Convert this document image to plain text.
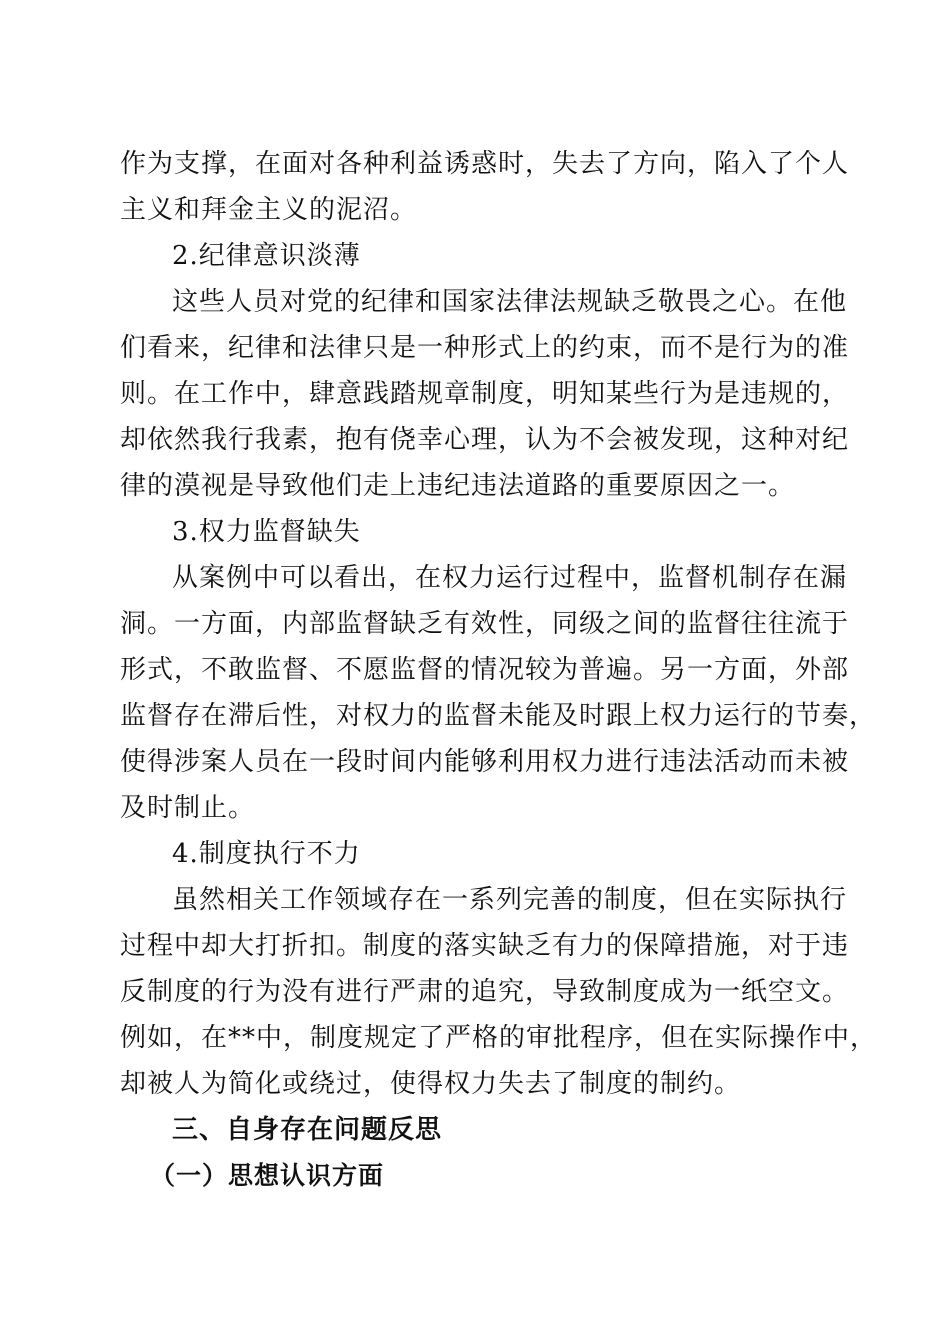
作为支撑，在面对各种利益诱惑时，失去了方向，陷入了个人
主义和拜金主义的泥沼。
2.纪律意识淡薄
这些人员对党的纪律和国家法律法规缺乏敬畏之心。在他
们看来，纪律和法律只是一种形式上的约束，而不是行为的准
则。在工作中，肆意践踏规章制度，明知某些行为是违规的，
却依然我行我素，抱有侥幸心理，认为不会被发现，这种对纪
律的漠视是导致他们走上违纪违法道路的重要原因之一。
3.权力监督缺失
从案例中可以看出，在权力运行过程中，监督机制存在漏
洞。一方面，内部监督缺乏有效性，同级之间的监督往往流于
形式，不敢监督、不愿监督的情况较为普遍。另一方面，外部
监督存在滞后性，对权力的监督未能及时跟上权力运行的节奏，
使得涉案人员在一段时间内能够利用权力进行违法活动而未被
及时制止。
4.制度执行不力
虽然相关工作领域存在一系列完善的制度，但在实际执行
过程中却大打折扣。制度的落实缺乏有力的保障措施，对于违
反制度的行为没有进行严肃的追究，导致制度成为一纸空文。
例如，在**中，制度规定了严格的审批程序，但在实际操作中，
却被人为简化或绕过，使得权力失去了制度的制约。
三、自身存在问题反思
（一）思想认识方面
